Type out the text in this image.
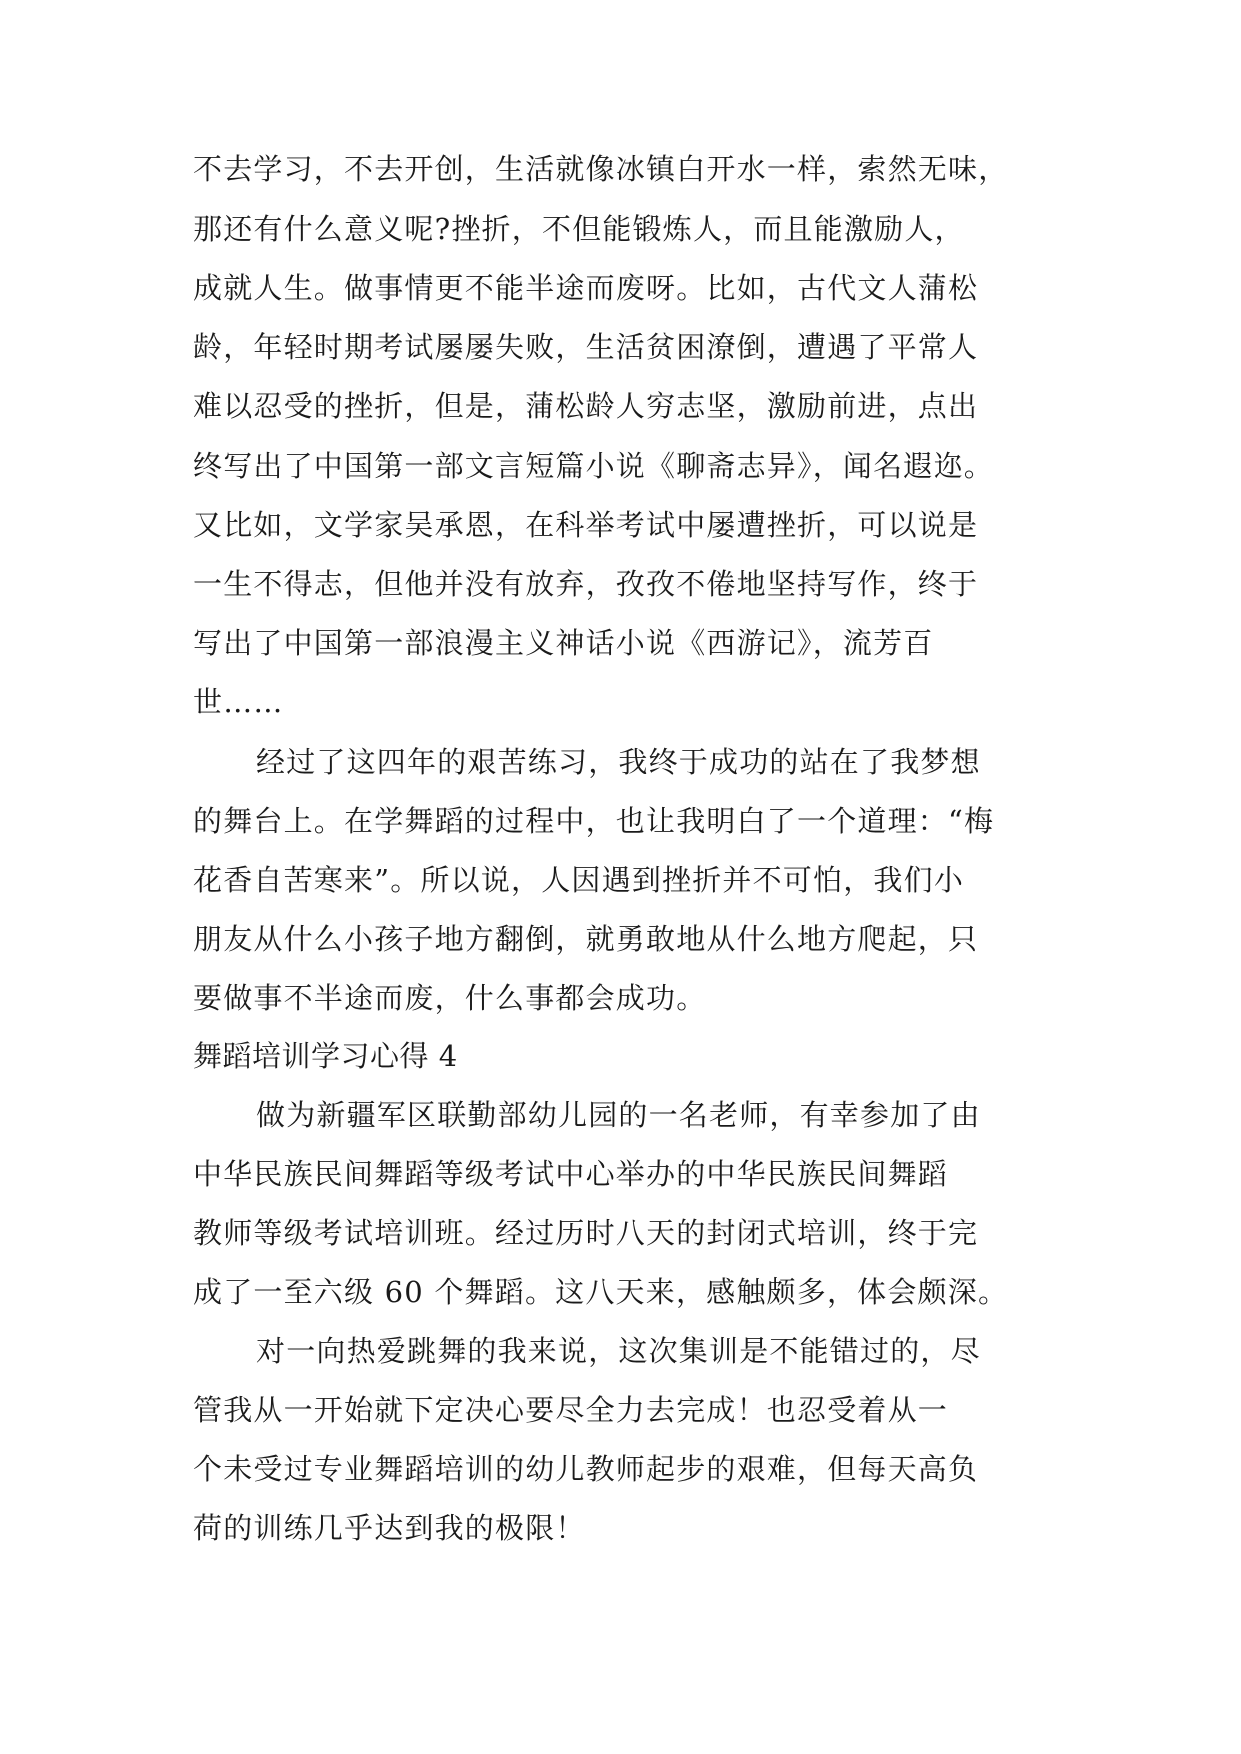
不去学习，不去开创，生活就像冰镇白开水一样，索然无味，
那还有什么意义呢?挫折，不但能锻炼人，而且能激励人，
成就人生。做事情更不能半途而废呀。比如，古代文人蒲松
龄，年轻时期考试屡屡失败，生活贫困潦倒，遭遇了平常人
难以忍受的挫折，但是，蒲松龄人穷志坚，激励前进，点出
终写出了中国第一部文言短篇小说《聊斋志异》，闻名遐迩。
又比如，文学家吴承恩，在科举考试中屡遭挫折，可以说是
一生不得志，但他并没有放弃，孜孜不倦地坚持写作，终于
写出了中国第一部浪漫主义神话小说《西游记》，流芳百
世……
经过了这四年的艰苦练习，我终于成功的站在了我梦想
的舞台上。在学舞蹈的过程中，也让我明白了一个道理：“梅
花香自苦寒来”。所以说，人因遇到挫折并不可怕，我们小
朋友从什么小孩子地方翻倒，就勇敢地从什么地方爬起，只
要做事不半途而废，什么事都会成功。
舞蹈培训学习心得 4
做为新疆军区联勤部幼儿园的一名老师，有幸参加了由
中华民族民间舞蹈等级考试中心举办的中华民族民间舞蹈
教师等级考试培训班。经过历时八天的封闭式培训，终于完
成了一至六级 60 个舞蹈。这八天来，感触颇多，体会颇深。
对一向热爱跳舞的我来说，这次集训是不能错过的，尽
管我从一开始就下定决心要尽全力去完成！也忍受着从一
个未受过专业舞蹈培训的幼儿教师起步的艰难，但每天高负
荷的训练几乎达到我的极限！
